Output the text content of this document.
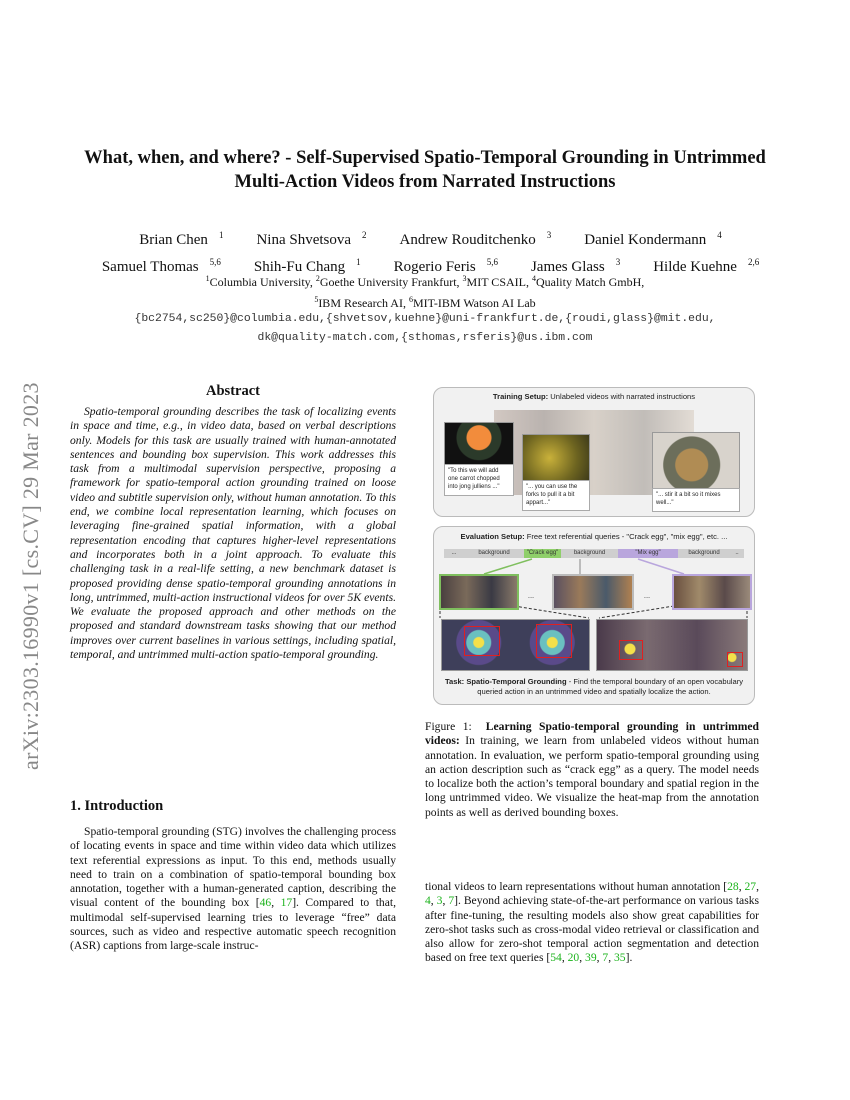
arXiv:2303.16990v1 [cs.CV] 29 Mar 2023
What, when, and where? - Self-Supervised Spatio-Temporal Grounding in Untrimmed Multi-Action Videos from Narrated Instructions
Brian Chen $^1$ Nina Shvetsova $^2$ Andrew Rouditchenko $^3$ Daniel Kondermann $^4$
Samuel Thomas $^{5,6}$ Shih-Fu Chang $^1$ Rogerio Feris $^{5,6}$ James Glass $^3$ Hilde Kuehne $^{2,6}$
$^1$Columbia University, $^2$Goethe University Frankfurt, $^3$MIT CSAIL, $^4$Quality Match GmbH,
$^5$IBM Research AI, $^6$MIT-IBM Watson AI Lab
{bc2754,sc250}@columbia.edu,{shvetsov,kuehne}@uni-frankfurt.de,{roudi,glass}@mit.edu,
dk@quality-match.com,{sthomas,rsferis}@us.ibm.com
Abstract
Spatio-temporal grounding describes the task of localizing events in space and time, e.g., in video data, based on verbal descriptions only. Models for this task are usually trained with human-annotated sentences and bounding box supervision. This work addresses this task from a multimodal supervision perspective, proposing a framework for spatio-temporal action grounding trained on loose video and subtitle supervision only, without human annotation. To this end, we combine local representation learning, which focuses on leveraging fine-grained spatial information, with a global representation encoding that captures higher-level representations and incorporates both in a joint approach. To evaluate this challenging task in a real-life setting, a new benchmark dataset is proposed providing dense spatio-temporal grounding annotations in long, untrimmed, multi-action instructional videos for over 5K events. We evaluate the proposed approach and other methods on the proposed and standard downstream tasks showing that our method improves over current baselines in various settings, including spatial, temporal, and untrimmed multi-action spatio-temporal grounding.
1. Introduction
Spatio-temporal grounding (STG) involves the challenging process of locating events in space and time within video data which utilizes text referential expressions as input. To this end, methods usually need to train on a combination of spatio-temporal bounding box annotation, together with a human-generated caption, describing the visual content of the bounding box [46, 17]. Compared to that, multimodal self-supervised learning tries to leverage “free” data sources, such as video and respective automatic speech recognition (ASR) captions from large-scale instruc-
Training Setup: Unlabeled videos with narrated instructions
"To this we will add one carrot chopped into jong julliens ..."	"... you can use the forks to pull it a bit appart..."
"... stir it a bit so it mixes well..."
Evaluation Setup: Free text referential queries - "Crack egg", "mix egg", etc. ...
...	background	"Crack egg"	background	"Mix egg"	background	..
...	...
Task: Spatio-Temporal Grounding - Find the temporal boundary of an open vocabulary queried action in an untrimmed video and spatially localize the action.
Figure 1: Learning Spatio-temporal grounding in untrimmed videos: In training, we learn from unlabeled videos without human annotation. In evaluation, we perform spatio-temporal grounding using an action description such as “crack egg” as a query. The model needs to localize both the action’s temporal boundary and spatial region in the long untrimmed video. We visualize the heat-map from the annotation points as well as derived bounding boxes.
tional videos to learn representations without human annotation [28, 27, 4, 3, 7]. Beyond achieving state-of-the-art performance on various tasks after fine-tuning, the resulting models also show great capabilities for zero-shot tasks such as cross-modal video retrieval or classification and also allow for zero-shot temporal action segmentation and detection based on free text queries [54, 20, 39, 7, 35].
